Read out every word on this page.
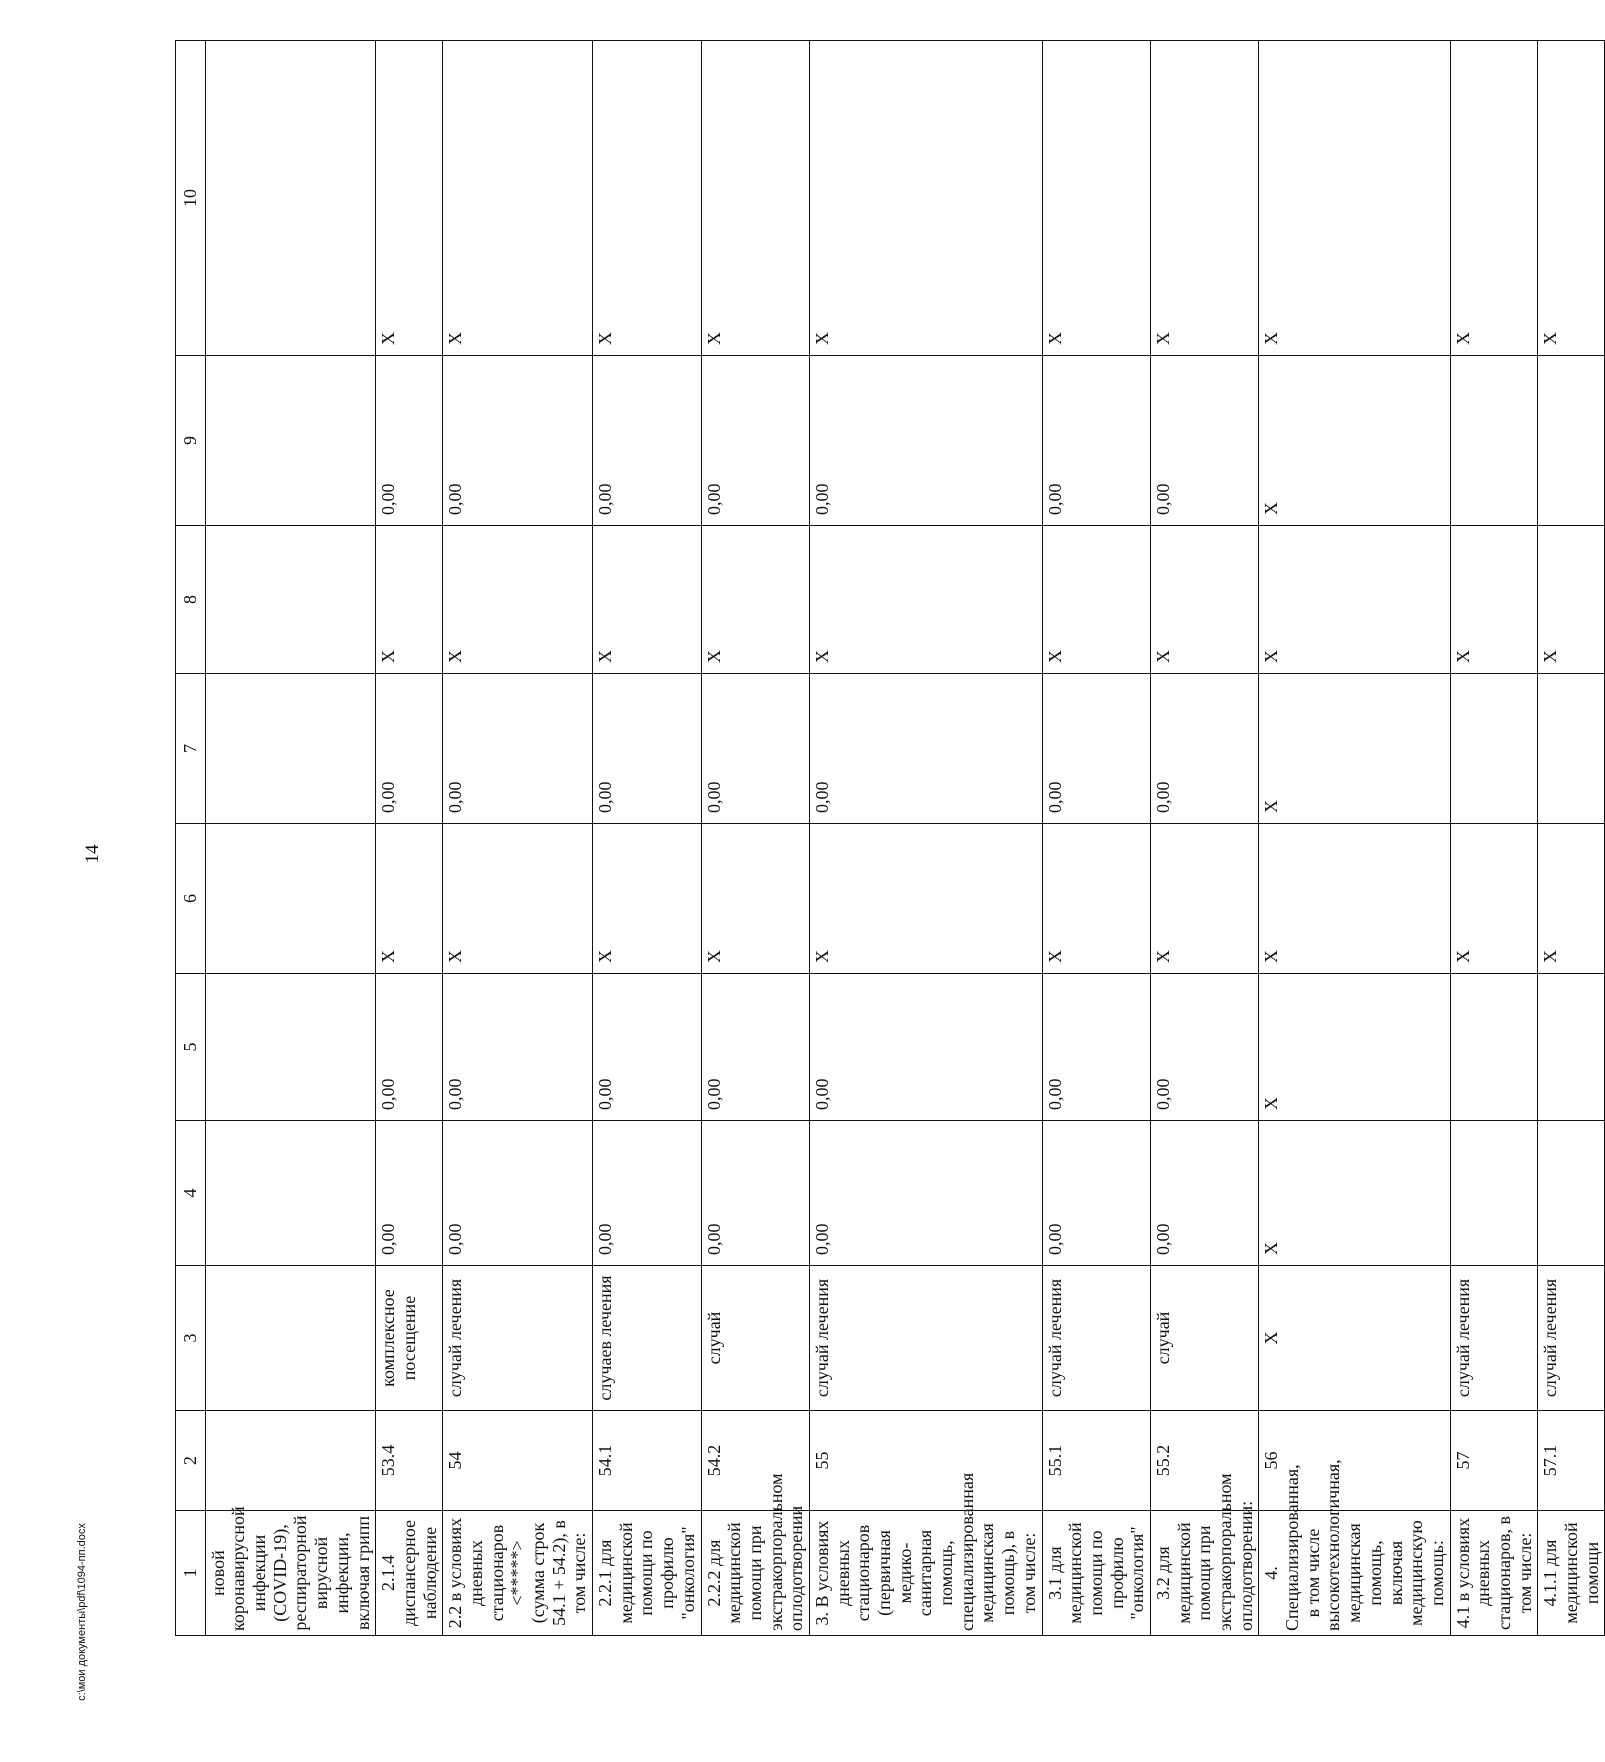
14
1	2	3	4	5	6	7	8	9	10
новой коронавирусной инфекции (COVID-19), респираторной вирусной инфекции, включая грипп									
2.1.4 диспансерное наблюдение	53.4	комплексное посещение	0,00	0,00	Х	0,00	Х	0,00	Х
2.2 в условиях дневных стационаров <*****> (сумма строк 54.1 + 54.2), в том числе:	54	случай лечения	0,00	0,00	Х	0,00	Х	0,00	Х
2.2.1 для медицинской помощи по профилю "онкология"	54.1	случаев лечения	0,00	0,00	Х	0,00	Х	0,00	Х
2.2.2 для медицинской помощи при экстракорпоральном оплодотворении	54.2	случай	0,00	0,00	Х	0,00	Х	0,00	Х
3. В условиях дневных стационаров (первичная медико-санитарная помощь, специализированная медицинская помощь), в том числе:	55	случай лечения	0,00	0,00	Х	0,00	Х	0,00	Х
3.1 для медицинской помощи по профилю "онкология"	55.1	случай лечения	0,00	0,00	Х	0,00	Х	0,00	Х
3.2 для медицинской помощи при экстракорпоральном оплодотворении:	55.2	случай	0,00	0,00	Х	0,00	Х	0,00	Х
4. Специализированная, в том числе высокотехнологичная, медицинская помощь, включая медицинскую помощь:	56	Х	Х	Х	Х	Х	Х	Х	Х
4.1 в условиях дневных стационаров, в том числе:	57	случай лечения			Х		Х		Х
4.1.1 для медицинской помощи	57.1	случай лечения			Х		Х		Х
c:\мои документы\pdf\1094-пп.docx
